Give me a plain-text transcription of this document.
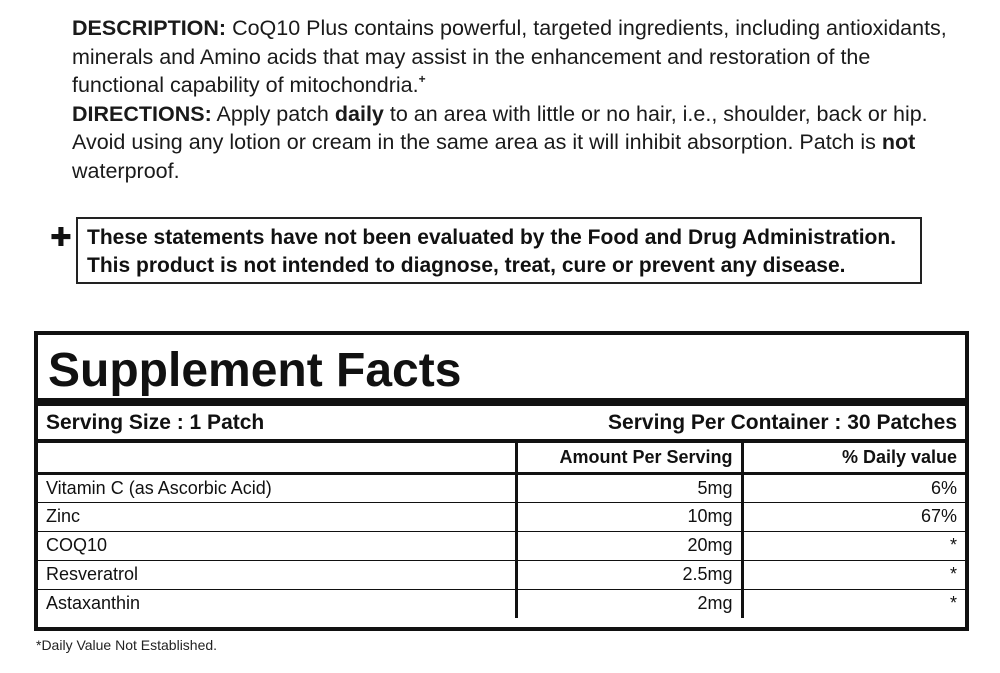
DESCRIPTION: CoQ10 Plus contains powerful, targeted ingredients, including antioxidants, minerals and Amino acids that may assist in the enhancement and restoration of the functional capability of mitochondria.+

DIRECTIONS: Apply patch daily to an area with little or no hair, i.e., shoulder, back or hip. Avoid using any lotion or cream in the same area as it will inhibit absorption. Patch is not waterproof.

✚ These statements have not been evaluated by the Food and Drug Administration.
This product is not intended to diagnose, treat, cure or prevent any disease.
Supplement Facts
Serving Size : 1 Patch	Serving Per Container : 30 Patches
	Amount Per Serving	% Daily value
Vitamin C (as Ascorbic Acid)	5mg	6%
Zinc	10mg	67%
COQ10	20mg	*
Resveratrol	2.5mg	*
Astaxanthin	2mg	*
*Daily Value Not Established.
